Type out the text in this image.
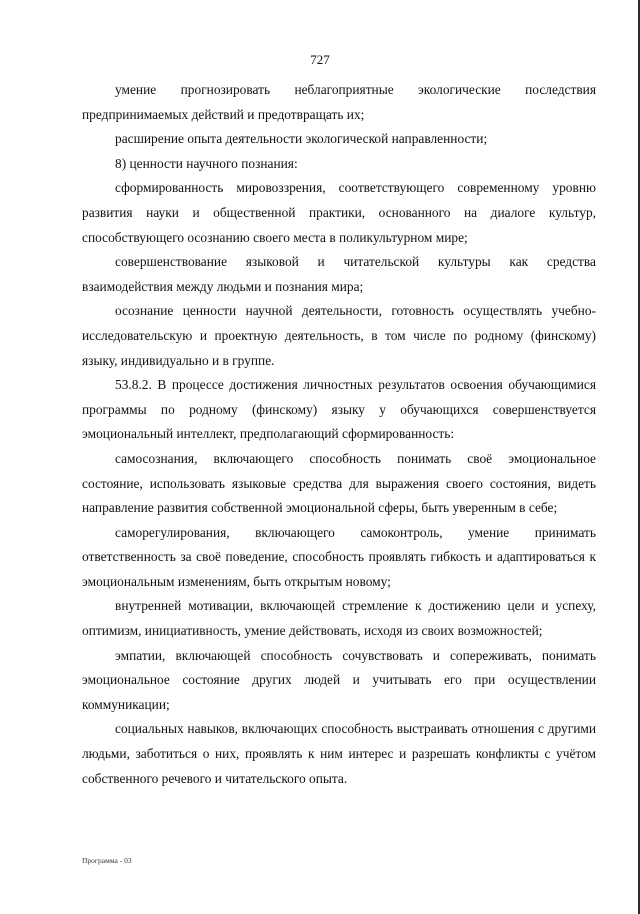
727

умение прогнозировать неблагоприятные экологические последствия предпринимаемых действий и предотвращать их;

расширение опыта деятельности экологической направленности;

8) ценности научного познания:

сформированность мировоззрения, соответствующего современному уровню развития науки и общественной практики, основанного на диалоге культур, способствующего осознанию своего места в поликультурном мире;

совершенствование языковой и читательской культуры как средства взаимодействия между людьми и познания мира;

осознание ценности научной деятельности, готовность осуществлять учебно-исследовательскую и проектную деятельность, в том числе по родному (финскому) языку, индивидуально и в группе.

53.8.2. В процессе достижения личностных результатов освоения обучающимися программы по родному (финскому) языку у обучающихся совершенствуется эмоциональный интеллект, предполагающий сформированность:

самосознания, включающего способность понимать своё эмоциональное состояние, использовать языковые средства для выражения своего состояния, видеть направление развития собственной эмоциональной сферы, быть уверенным в себе;

саморегулирования, включающего самоконтроль, умение принимать ответственность за своё поведение, способность проявлять гибкость и адаптироваться к эмоциональным изменениям, быть открытым новому;

внутренней мотивации, включающей стремление к достижению цели и успеху, оптимизм, инициативность, умение действовать, исходя из своих возможностей;

эмпатии, включающей способность сочувствовать и сопереживать, понимать эмоциональное состояние других людей и учитывать его при осуществлении коммуникации;

социальных навыков, включающих способность выстраивать отношения с другими людьми, заботиться о них, проявлять к ним интерес и разрешать конфликты с учётом собственного речевого и читательского опыта.

Программа - 03
